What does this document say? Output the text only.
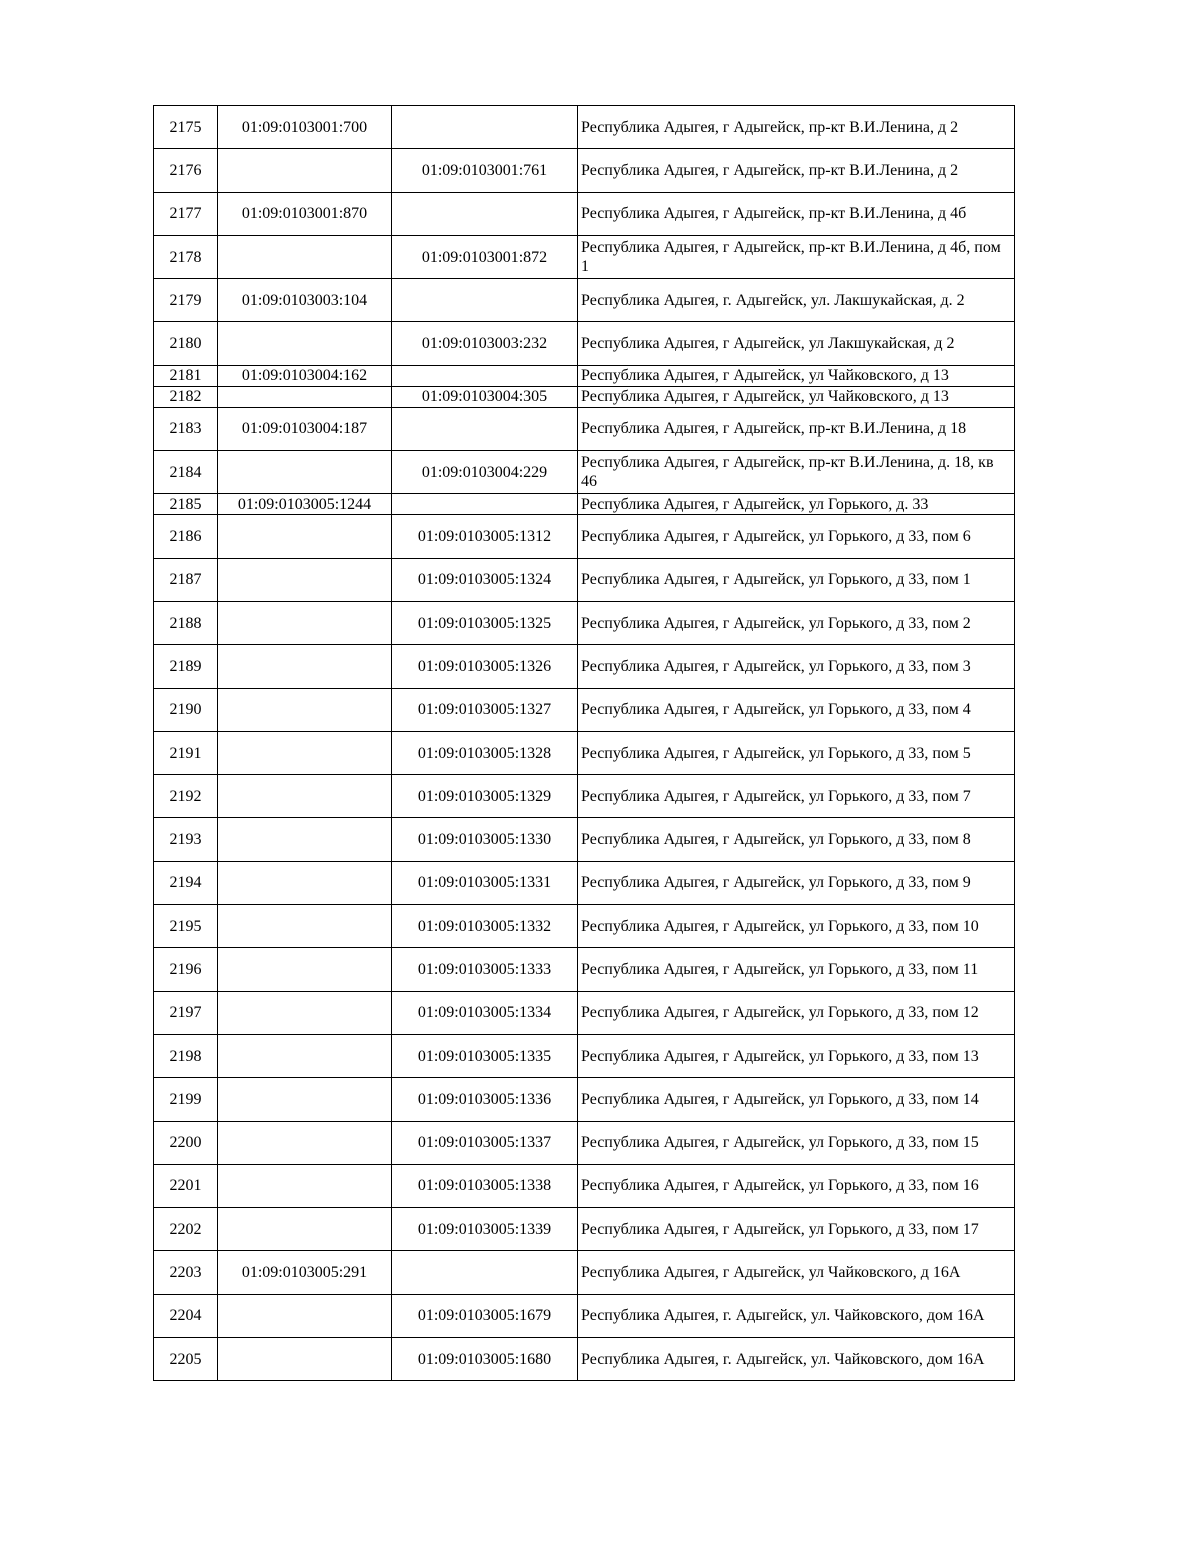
2175	01:09:0103001:700		Республика Адыгея, г Адыгейск, пр-кт В.И.Ленина, д 2
2176		01:09:0103001:761	Республика Адыгея, г Адыгейск, пр-кт В.И.Ленина, д 2
2177	01:09:0103001:870		Республика Адыгея, г Адыгейск, пр-кт В.И.Ленина, д 4б
2178		01:09:0103001:872	Республика Адыгея, г Адыгейск, пр-кт В.И.Ленина, д 4б, пом 1
2179	01:09:0103003:104		Республика Адыгея, г. Адыгейск, ул. Лакшукайская, д. 2
2180		01:09:0103003:232	Республика Адыгея, г Адыгейск, ул Лакшукайская, д 2
2181	01:09:0103004:162		Республика Адыгея, г Адыгейск, ул Чайковского, д 13
2182		01:09:0103004:305	Республика Адыгея, г Адыгейск, ул Чайковского, д 13
2183	01:09:0103004:187		Республика Адыгея, г Адыгейск, пр-кт В.И.Ленина, д 18
2184		01:09:0103004:229	Республика Адыгея, г Адыгейск, пр-кт В.И.Ленина, д. 18, кв 46
2185	01:09:0103005:1244		Республика Адыгея, г Адыгейск, ул Горького, д. 33
2186		01:09:0103005:1312	Республика Адыгея, г Адыгейск, ул Горького, д 33, пом 6
2187		01:09:0103005:1324	Республика Адыгея, г Адыгейск, ул Горького, д 33, пом 1
2188		01:09:0103005:1325	Республика Адыгея, г Адыгейск, ул Горького, д 33, пом 2
2189		01:09:0103005:1326	Республика Адыгея, г Адыгейск, ул Горького, д 33, пом 3
2190		01:09:0103005:1327	Республика Адыгея, г Адыгейск, ул Горького, д 33, пом 4
2191		01:09:0103005:1328	Республика Адыгея, г Адыгейск, ул Горького, д 33, пом 5
2192		01:09:0103005:1329	Республика Адыгея, г Адыгейск, ул Горького, д 33, пом 7
2193		01:09:0103005:1330	Республика Адыгея, г Адыгейск, ул Горького, д 33, пом 8
2194		01:09:0103005:1331	Республика Адыгея, г Адыгейск, ул Горького, д 33, пом 9
2195		01:09:0103005:1332	Республика Адыгея, г Адыгейск, ул Горького, д 33, пом 10
2196		01:09:0103005:1333	Республика Адыгея, г Адыгейск, ул Горького, д 33, пом 11
2197		01:09:0103005:1334	Республика Адыгея, г Адыгейск, ул Горького, д 33, пом 12
2198		01:09:0103005:1335	Республика Адыгея, г Адыгейск, ул Горького, д 33, пом 13
2199		01:09:0103005:1336	Республика Адыгея, г Адыгейск, ул Горького, д 33, пом 14
2200		01:09:0103005:1337	Республика Адыгея, г Адыгейск, ул Горького, д 33, пом 15
2201		01:09:0103005:1338	Республика Адыгея, г Адыгейск, ул Горького, д 33, пом 16
2202		01:09:0103005:1339	Республика Адыгея, г Адыгейск, ул Горького, д 33, пом 17
2203	01:09:0103005:291		Республика Адыгея, г Адыгейск, ул Чайковского, д 16А
2204		01:09:0103005:1679	Республика Адыгея, г. Адыгейск, ул. Чайковского, дом 16А
2205		01:09:0103005:1680	Республика Адыгея, г. Адыгейск, ул. Чайковского, дом 16А
